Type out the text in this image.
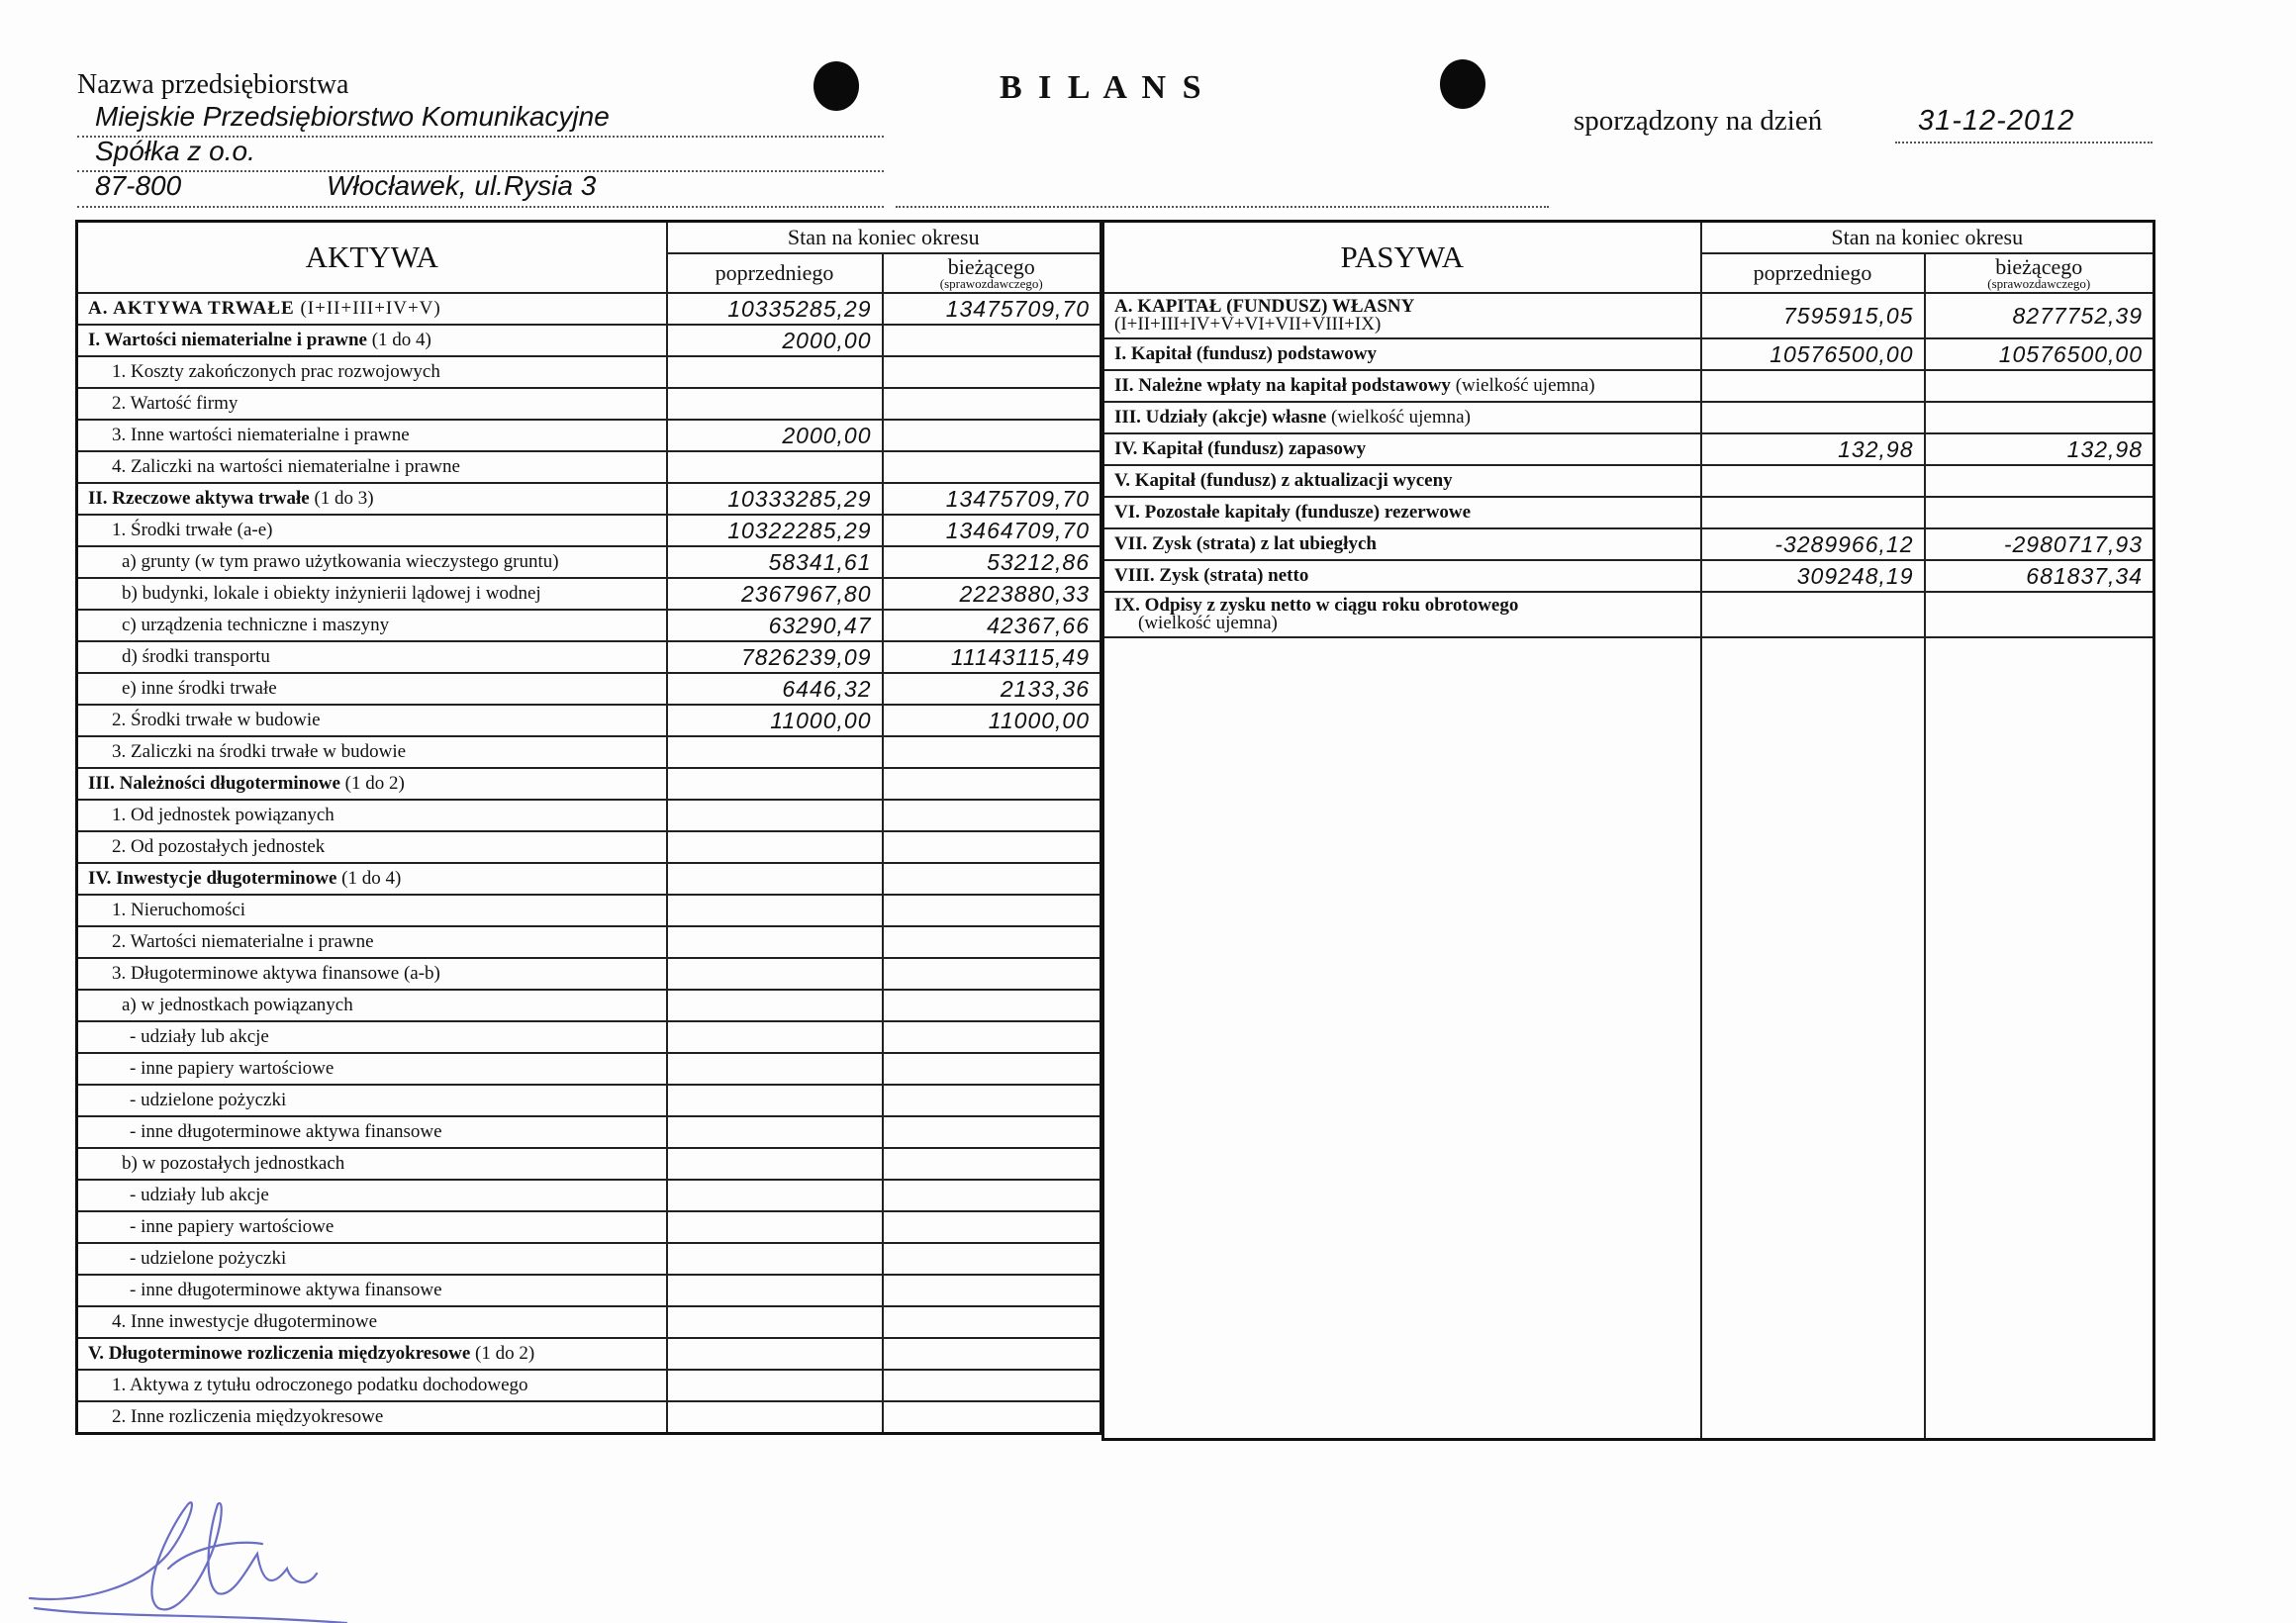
Nazwa przedsiębiorstwa
Miejskie Przedsiębiorstwo Komunikacyjne
Spółka z o.o.
87-800	Włocławek, ul.Rysia 3
B I L A N S
sporządzony na dzień	31-12-2012
AKTYWA	Stan na koniec okresu	
	poprzedniego	bieżącego
(sprawozdawczego)

A. AKTYWA TRWAŁE (I+II+III+IV+V)	10335285,29	13475709,70
I. Wartości niematerialne i prawne (1 do 4)	2000,00	
1. Koszty zakończonych prac rozwojowych		
2. Wartość firmy		
3. Inne wartości niematerialne i prawne	2000,00	
4. Zaliczki na wartości niematerialne i prawne		
II. Rzeczowe aktywa trwałe (1 do 3)	10333285,29	13475709,70
1. Środki trwałe (a-e)	10322285,29	13464709,70
a) grunty (w tym prawo użytkowania wieczystego gruntu)	58341,61	53212,86
b) budynki, lokale i obiekty inżynierii lądowej i wodnej	2367967,80	2223880,33
c) urządzenia techniczne i maszyny	63290,47	42367,66
d) środki transportu	7826239,09	11143115,49
e) inne środki trwałe	6446,32	2133,36
2. Środki trwałe w budowie	11000,00	11000,00
3. Zaliczki na środki trwałe w budowie		
III. Należności długoterminowe (1 do 2)		
1. Od jednostek powiązanych		
2. Od pozostałych jednostek		
IV. Inwestycje długoterminowe (1 do 4)		
1. Nieruchomości		
2. Wartości niematerialne i prawne		
3. Długoterminowe aktywa finansowe (a-b)		
a) w jednostkach powiązanych		
- udziały lub akcje		
- inne papiery wartościowe		
- udzielone pożyczki		
- inne długoterminowe aktywa finansowe		
b) w pozostałych jednostkach		
- udziały lub akcje		
- inne papiery wartościowe		
- udzielone pożyczki		
- inne długoterminowe aktywa finansowe		
4. Inne inwestycje długoterminowe		
V. Długoterminowe rozliczenia międzyokresowe (1 do 2)		
1. Aktywa z tytułu odroczonego podatku dochodowego		
2. Inne rozliczenia międzyokresowe		
PASYWA	Stan na koniec okresu	
	poprzedniego	bieżącego
(sprawozdawczego)

A. KAPITAŁ (FUNDUSZ) WŁASNY
(I+II+III+IV+V+VI+VII+VIII+IX)	7595915,05	8277752,39
I. Kapitał (fundusz) podstawowy	10576500,00	10576500,00
II. Należne wpłaty na kapitał podstawowy (wielkość ujemna)		
III. Udziały (akcje) własne (wielkość ujemna)		
IV. Kapitał (fundusz) zapasowy	132,98	132,98
V. Kapitał (fundusz) z aktualizacji wyceny		
VI. Pozostałe kapitały (fundusze) rezerwowe		
VII. Zysk (strata) z lat ubiegłych	-3289966,12	-2980717,93
VIII. Zysk (strata) netto	309248,19	681837,34
IX. Odpisy z zysku netto w ciągu roku obrotowego
(wielkość ujemna)		
